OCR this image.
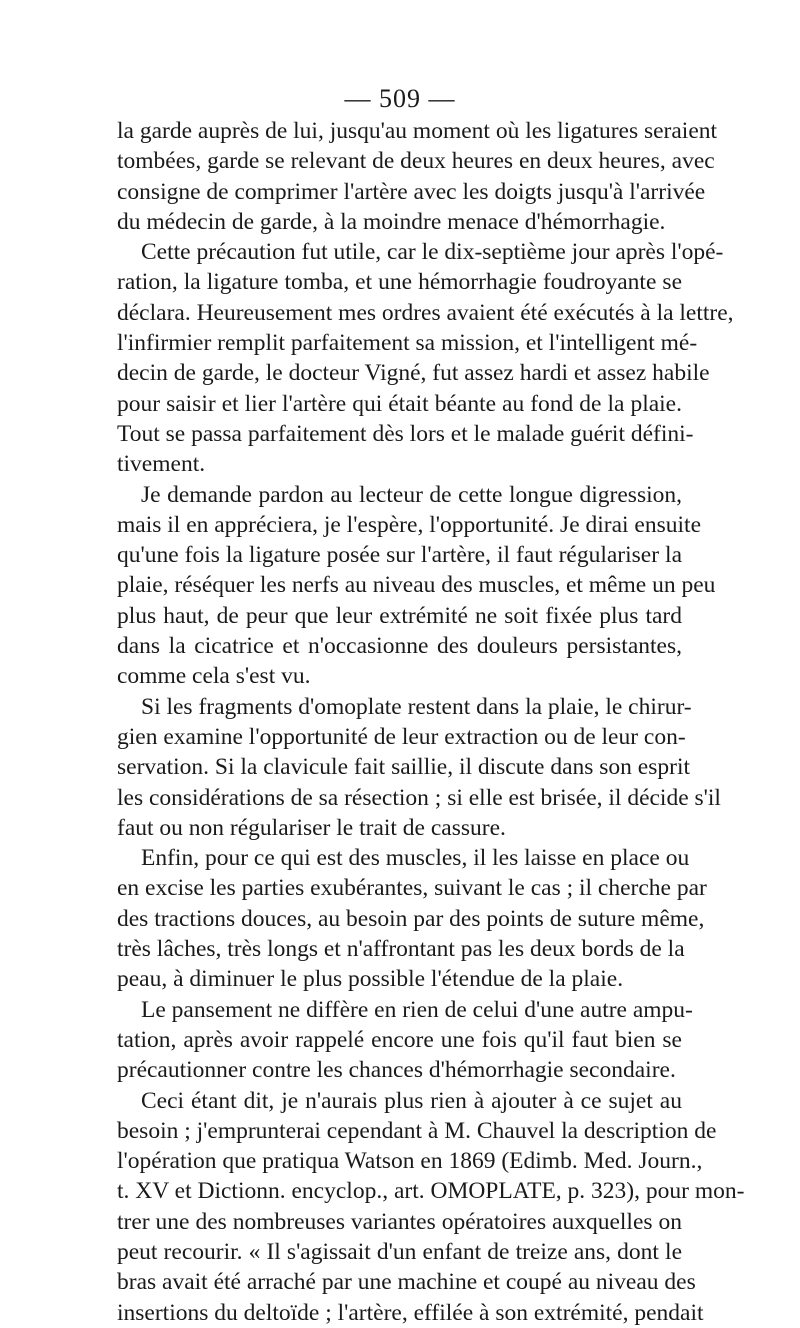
— 509 —
la garde auprès de lui, jusqu'au moment où les ligatures seraient
tombées, garde se relevant de deux heures en deux heures, avec
consigne de comprimer l'artère avec les doigts jusqu'à l'arrivée
du médecin de garde, à la moindre menace d'hémorrhagie.
Cette précaution fut utile, car le dix-septième jour après l'opé-
ration, la ligature tomba, et une hémorrhagie foudroyante se
déclara. Heureusement mes ordres avaient été exécutés à la lettre,
l'infirmier remplit parfaitement sa mission, et l'intelligent mé-
decin de garde, le docteur Vigné, fut assez hardi et assez habile
pour saisir et lier l'artère qui était béante au fond de la plaie.
Tout se passa parfaitement dès lors et le malade guérit défini-
tivement.
Je demande pardon au lecteur de cette longue digression,
mais il en appréciera, je l'espère, l'opportunité. Je dirai ensuite
qu'une fois la ligature posée sur l'artère, il faut régulariser la
plaie, réséquer les nerfs au niveau des muscles, et même un peu
plus haut, de peur que leur extrémité ne soit fixée plus tard
dans la cicatrice et n'occasionne des douleurs persistantes,
comme cela s'est vu.
Si les fragments d'omoplate restent dans la plaie, le chirur-
gien examine l'opportunité de leur extraction ou de leur con-
servation. Si la clavicule fait saillie, il discute dans son esprit
les considérations de sa résection ; si elle est brisée, il décide s'il
faut ou non régulariser le trait de cassure.
Enfin, pour ce qui est des muscles, il les laisse en place ou
en excise les parties exubérantes, suivant le cas ; il cherche par
des tractions douces, au besoin par des points de suture même,
très lâches, très longs et n'affrontant pas les deux bords de la
peau, à diminuer le plus possible l'étendue de la plaie.
Le pansement ne diffère en rien de celui d'une autre ampu-
tation, après avoir rappelé encore une fois qu'il faut bien se
précautionner contre les chances d'hémorrhagie secondaire.
Ceci étant dit, je n'aurais plus rien à ajouter à ce sujet au
besoin ; j'emprunterai cependant à M. Chauvel la description de
l'opération que pratiqua Watson en 1869 (Edimb. Med. Journ.,
t. XV et Dictionn. encyclop., art. OMOPLATE, p. 323), pour mon-
trer une des nombreuses variantes opératoires auxquelles on
peut recourir. « Il s'agissait d'un enfant de treize ans, dont le
bras avait été arraché par une machine et coupé au niveau des
insertions du deltoïde ; l'artère, effilée à son extrémité, pendait
